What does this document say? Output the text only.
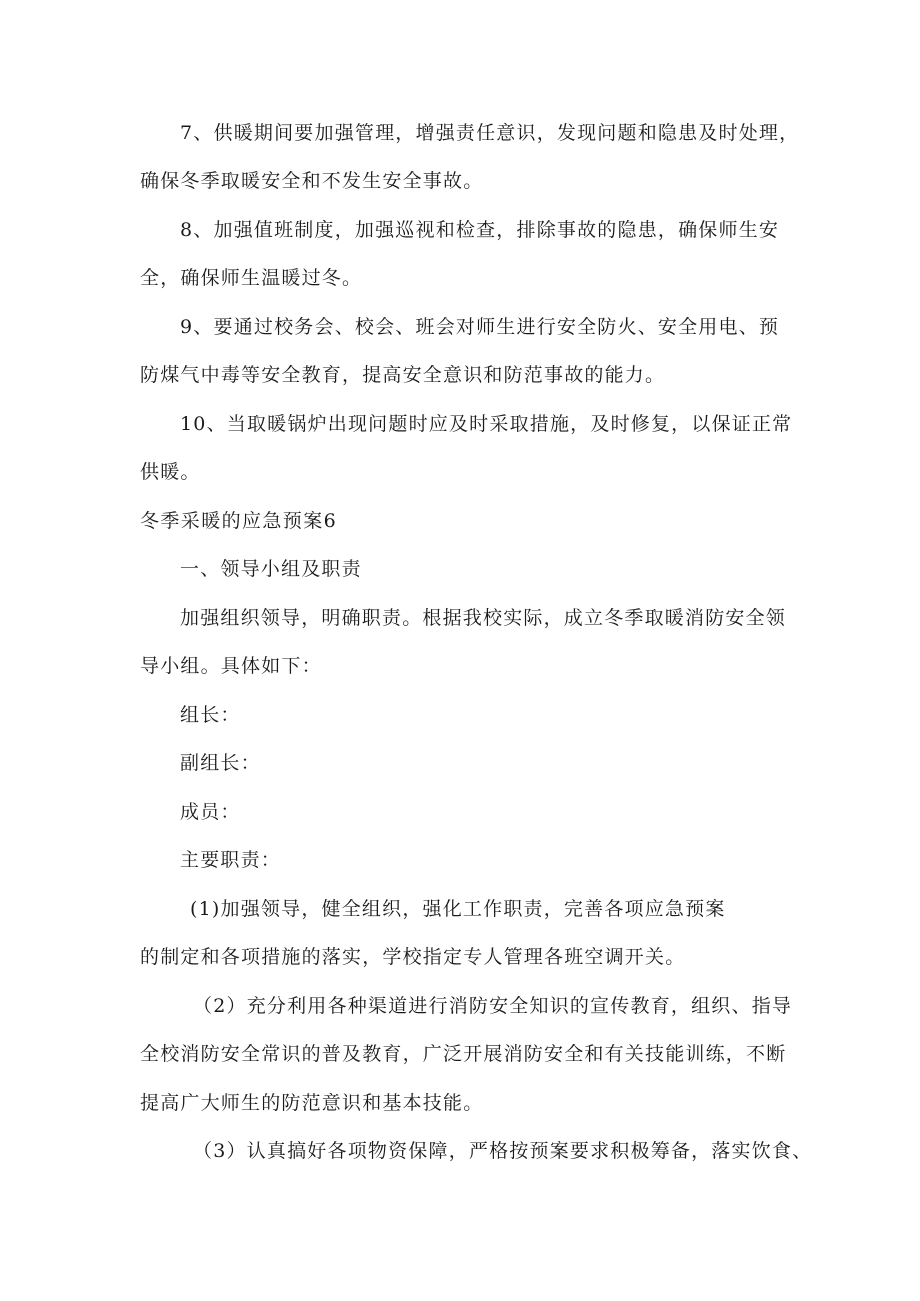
7、供暖期间要加强管理，增强责任意识，发现问题和隐患及时处理，
确保冬季取暖安全和不发生安全事故。
8、加强值班制度，加强巡视和检查，排除事故的隐患，确保师生安
全，确保师生温暖过冬。
9、要通过校务会、校会、班会对师生进行安全防火、安全用电、预
防煤气中毒等安全教育，提高安全意识和防范事故的能力。
10、当取暖锅炉出现问题时应及时采取措施，及时修复，以保证正常
供暖。
冬季采暖的应急预案6
一、领导小组及职责
加强组织领导，明确职责。根据我校实际，成立冬季取暖消防安全领
导小组。具体如下：
组长：
副组长：
成员：
主要职责：
(1)加强领导，健全组织，强化工作职责，完善各项应急预案
的制定和各项措施的落实，学校指定专人管理各班空调开关。
（2）充分利用各种渠道进行消防安全知识的宣传教育，组织、指导
全校消防安全常识的普及教育，广泛开展消防安全和有关技能训练，不断
提高广大师生的防范意识和基本技能。
（3）认真搞好各项物资保障，严格按预案要求积极筹备，落实饮食、
